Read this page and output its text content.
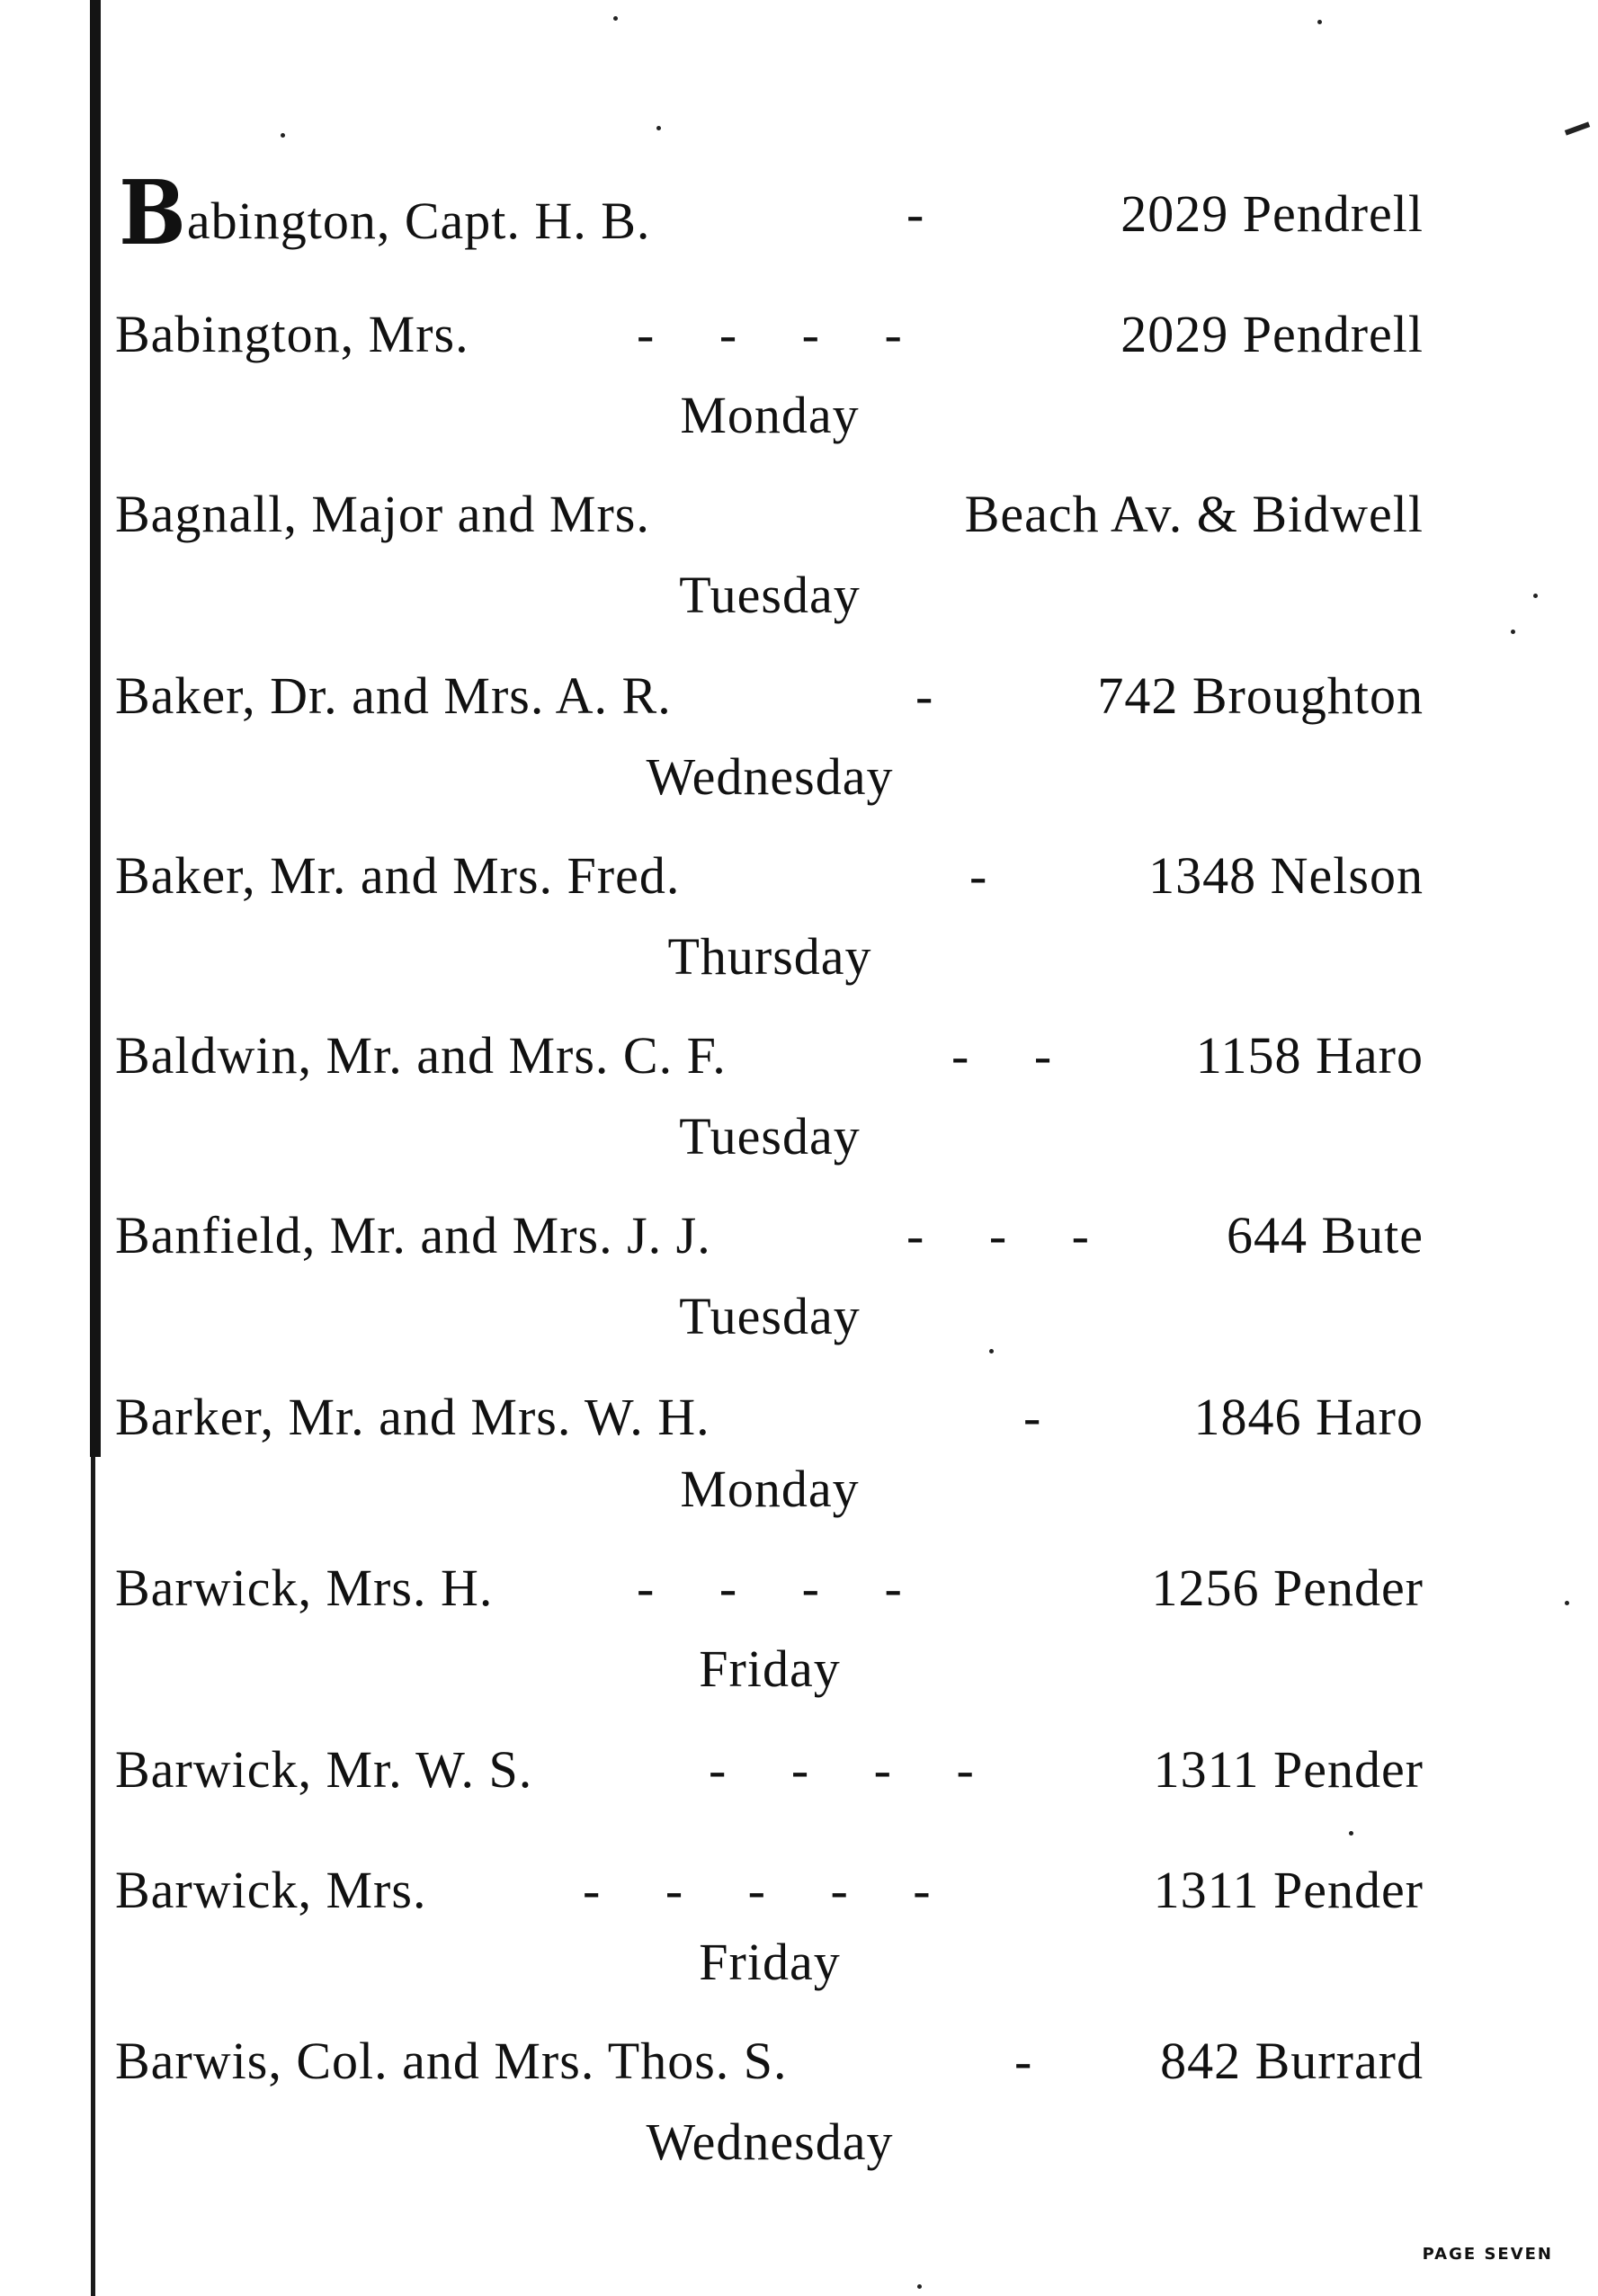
Babington, Capt. H. B.	-	2029 Pendrell
Babington, Mrs.	-     -     -     -	2029 Pendrell
Monday
Bagnall, Major and Mrs.	Beach Av. & Bidwell
Tuesday
Baker, Dr. and Mrs. A. R.	-	742 Broughton
Wednesday
Baker, Mr. and Mrs. Fred.	-	1348 Nelson
Thursday
Baldwin, Mr. and Mrs. C. F.	-     -	1158 Haro
Tuesday
Banfield, Mr. and Mrs. J. J.	-     -     -	644 Bute
Tuesday
Barker, Mr. and Mrs. W. H.	-	1846 Haro
Monday
Barwick, Mrs. H.	-     -     -     -	1256 Pender
Friday
Barwick, Mr. W. S.	-     -     -     -	1311 Pender
Barwick, Mrs.	-     -     -     -     -	1311 Pender
Friday
Barwis, Col. and Mrs. Thos. S.	- 842 Burrard
Wednesday
PAGE SEVEN
